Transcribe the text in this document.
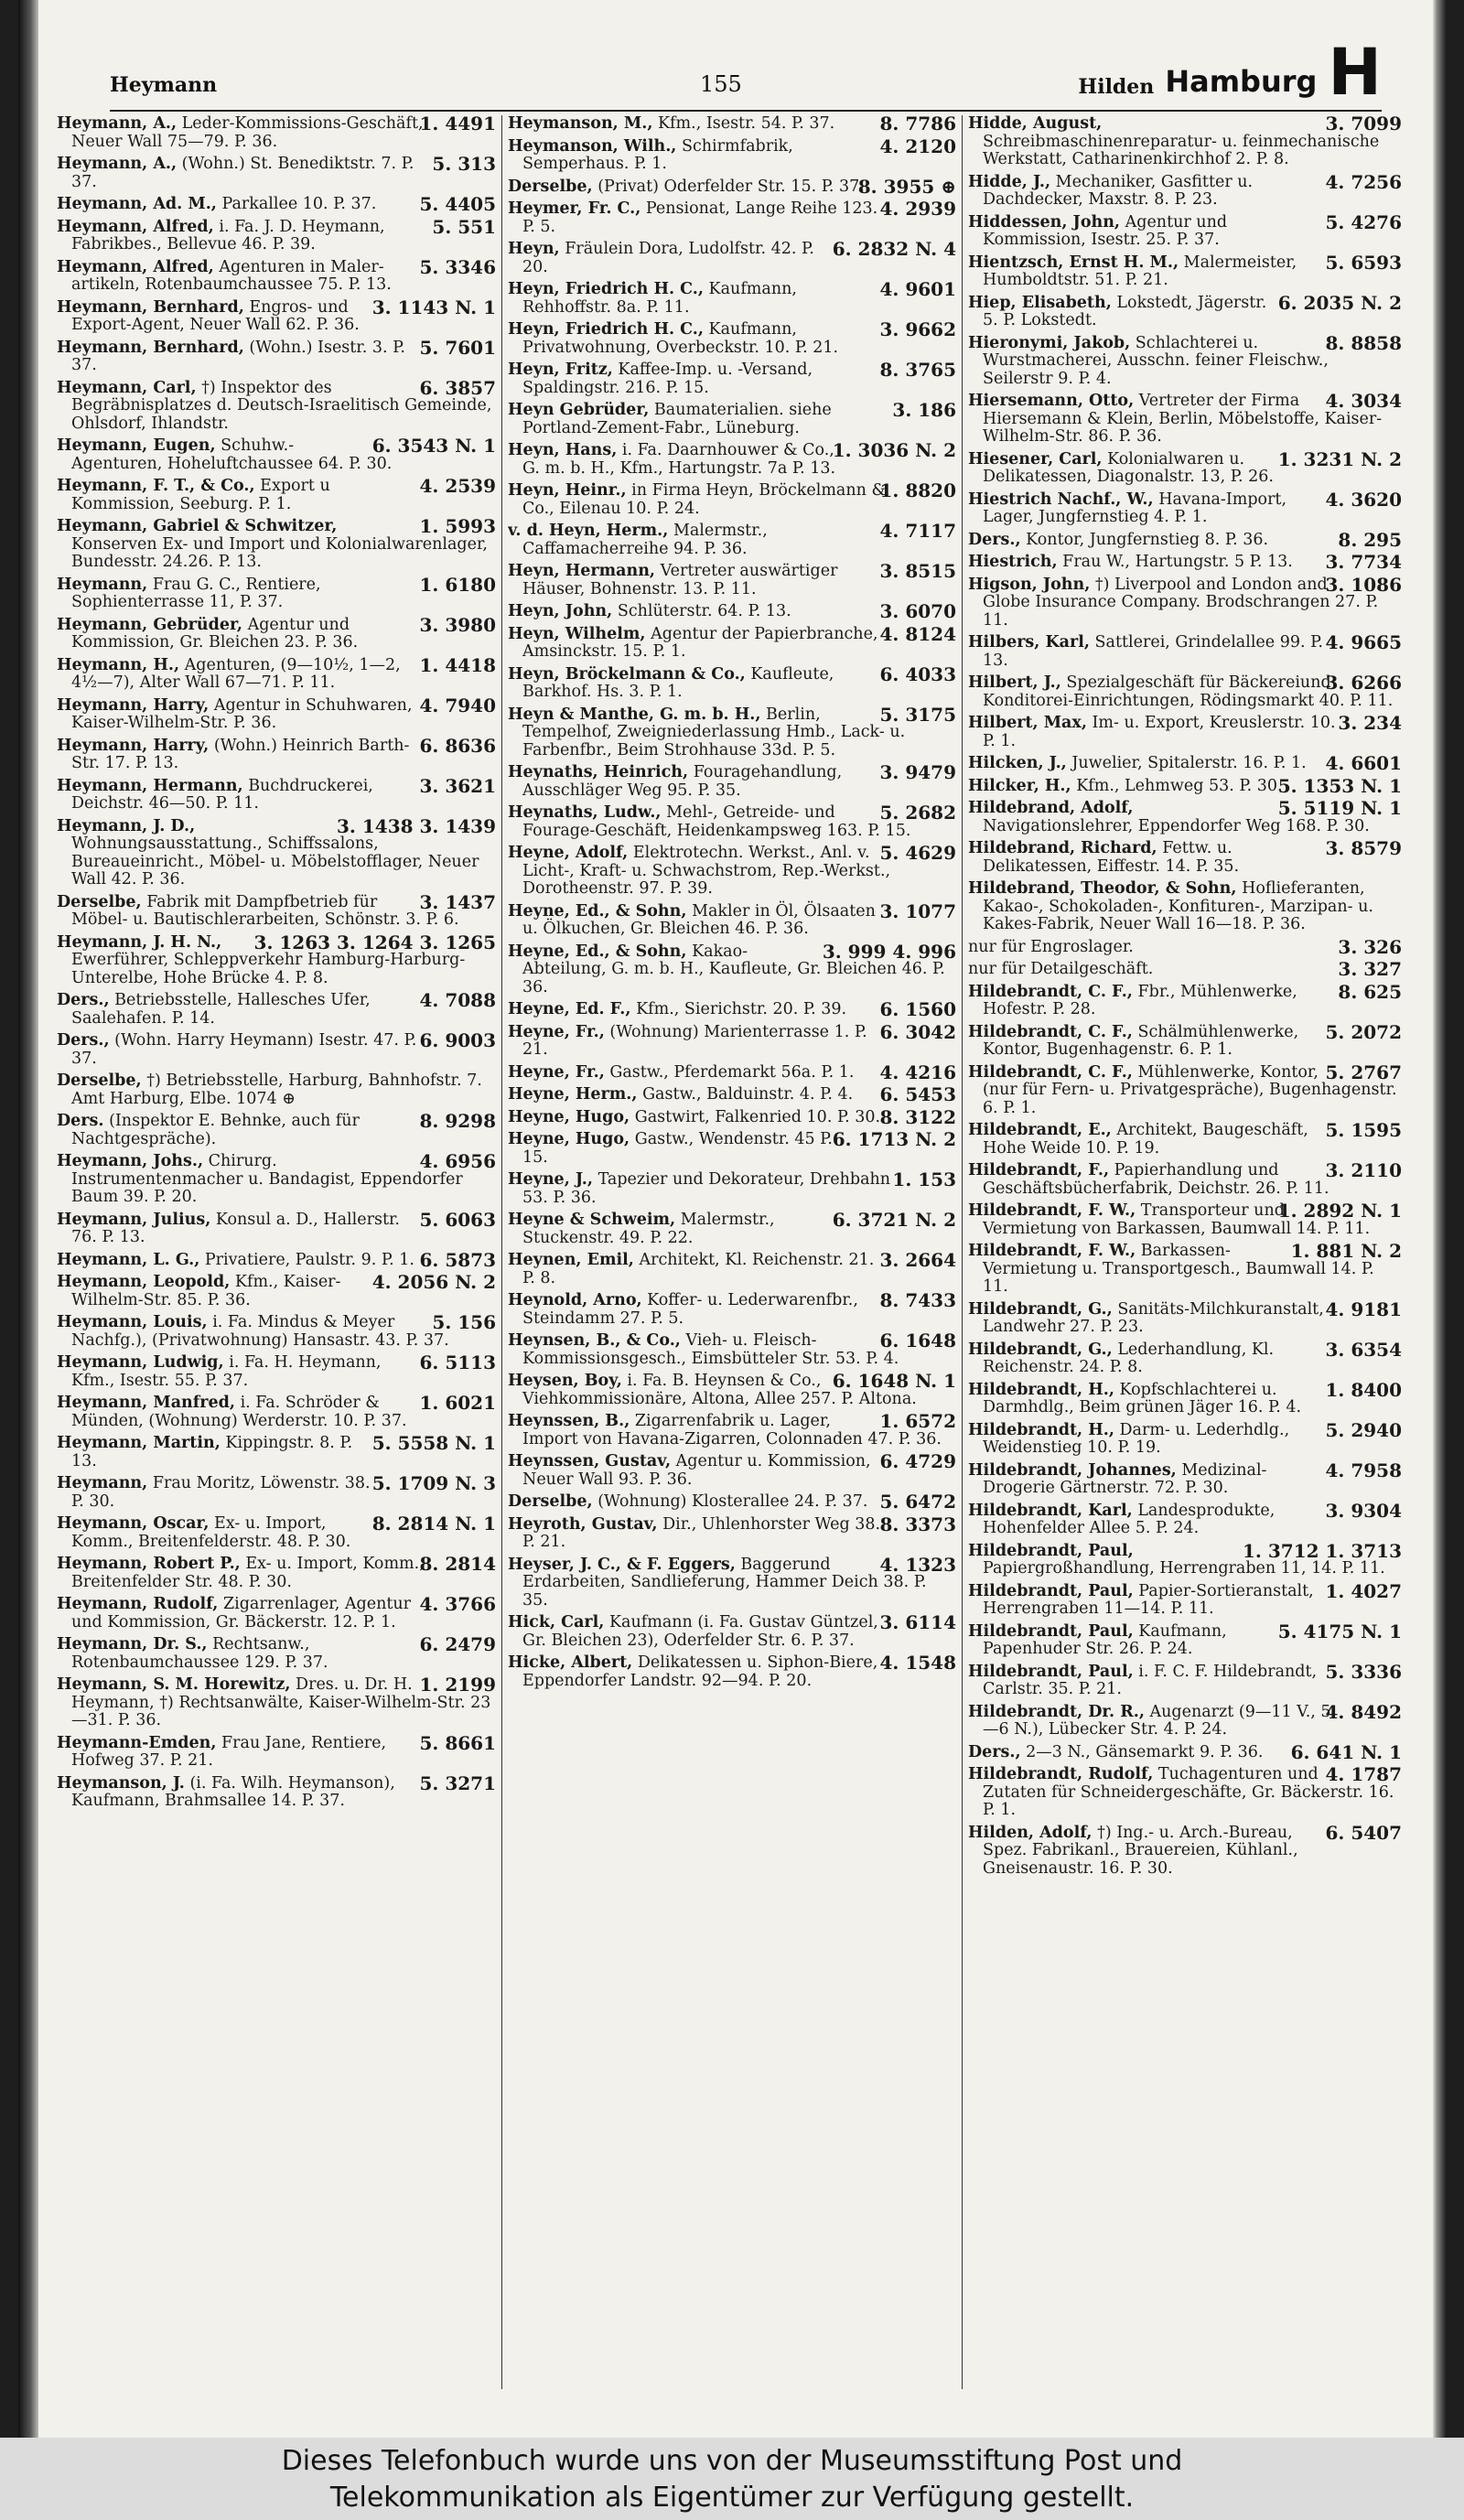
Heymann	155	Hilden Hamburg H
1. 4491
Heymann, A., Leder-Kommissions-Geschäft, Neuer Wall 75—79. P. 36.
5. 313
Heymann, A., (Wohn.) St. Benediktstr. 7. P. 37.
5. 4405
Heymann, Ad. M., Parkallee 10. P. 37.
5. 551
Heymann, Alfred, i. Fa. J. D. Heymann, Fabrikbes., Bellevue 46. P. 39.
5. 3346
Heymann, Alfred, Agenturen in Maler-artikeln, Rotenbaumchaussee 75. P. 13.
3. 1143 N. 1
Heymann, Bernhard, Engros- und Export-Agent, Neuer Wall 62. P. 36.
5. 7601
Heymann, Bernhard, (Wohn.) Isestr. 3. P. 37.
6. 3857
Heymann, Carl, †) Inspektor des Begräbnisplatzes d. Deutsch-Israelitisch Gemeinde, Ohlsdorf, Ihlandstr.
6. 3543 N. 1
Heymann, Eugen, Schuhw.-Agenturen, Hoheluftchaussee 64. P. 30.
4. 2539
Heymann, F. T., & Co., Export u Kommission, Seeburg. P. 1.
1. 5993
Heymann, Gabriel & Schwitzer, Konserven Ex- und Import und Kolonialwarenlager, Bundesstr. 24.26. P. 13.
1. 6180
Heymann, Frau G. C., Rentiere, Sophienterrasse 11, P. 37.
3. 3980
Heymann, Gebrüder, Agentur und Kommission, Gr. Bleichen 23. P. 36.
1. 4418
Heymann, H., Agenturen, (9—10½, 1—2, 4½—7), Alter Wall 67—71. P. 11.
4. 7940
Heymann, Harry, Agentur in Schuhwaren, Kaiser-Wilhelm-Str. P. 36.
6. 8636
Heymann, Harry, (Wohn.) Heinrich Barth-Str. 17. P. 13.
3. 3621
Heymann, Hermann, Buchdruckerei, Deichstr. 46—50. P. 11.
3. 1438 3. 1439
Heymann, J. D., Wohnungsausstattung., Schiffssalons, Bureaueinricht., Möbel- u. Möbelstofflager, Neuer Wall 42. P. 36.
3. 1437
Derselbe, Fabrik mit Dampfbetrieb für Möbel- u. Bautischlerarbeiten, Schönstr. 3. P. 6.
3. 1263 3. 1264 3. 1265
Heymann, J. H. N., Ewerführer, Schleppverkehr Hamburg-Harburg-Unterelbe, Hohe Brücke 4. P. 8.
4. 7088
Ders., Betriebsstelle, Hallesches Ufer, Saalehafen. P. 14.
6. 9003
Ders., (Wohn. Harry Heymann) Isestr. 47. P. 37.
Derselbe, †) Betriebsstelle, Harburg, Bahnhofstr. 7. Amt Harburg, Elbe. 1074 ⊕
8. 9298
Ders. (Inspektor E. Behnke, auch für Nachtgespräche).
4. 6956
Heymann, Johs., Chirurg. Instrumentenmacher u. Bandagist, Eppendorfer Baum 39. P. 20.
5. 6063
Heymann, Julius, Konsul a. D., Hallerstr. 76. P. 13.
6. 5873
Heymann, L. G., Privatiere, Paulstr. 9. P. 1.
4. 2056 N. 2
Heymann, Leopold, Kfm., Kaiser-Wilhelm-Str. 85. P. 36.
5. 156
Heymann, Louis, i. Fa. Mindus & Meyer Nachfg.), (Privatwohnung) Hansastr. 43. P. 37.
6. 5113
Heymann, Ludwig, i. Fa. H. Heymann, Kfm., Isestr. 55. P. 37.
1. 6021
Heymann, Manfred, i. Fa. Schröder & Münden, (Wohnung) Werderstr. 10. P. 37.
5. 5558 N. 1
Heymann, Martin, Kippingstr. 8. P. 13.
5. 1709 N. 3
Heymann, Frau Moritz, Löwenstr. 38. P. 30.
8. 2814 N. 1
Heymann, Oscar, Ex- u. Import, Komm., Breitenfelderstr. 48. P. 30.
8. 2814
Heymann, Robert P., Ex- u. Import, Komm., Breitenfelder Str. 48. P. 30.
4. 3766
Heymann, Rudolf, Zigarrenlager, Agentur und Kommission, Gr. Bäckerstr. 12. P. 1.
6. 2479
Heymann, Dr. S., Rechtsanw., Rotenbaumchaussee 129. P. 37.
1. 2199
Heymann, S. M. Horewitz, Dres. u. Dr. H. Heymann, †) Rechtsanwälte, Kaiser-Wilhelm-Str. 23—31. P. 36.
5. 8661
Heymann-Emden, Frau Jane, Rentiere, Hofweg 37. P. 21.
5. 3271
Heymanson, J. (i. Fa. Wilh. Heymanson), Kaufmann, Brahmsallee 14. P. 37.
8. 7786
Heymanson, M., Kfm., Isestr. 54. P. 37.
4. 2120
Heymanson, Wilh., Schirmfabrik, Semperhaus. P. 1.
8. 3955 ⊕
Derselbe, (Privat) Oderfelder Str. 15. P. 37.
4. 2939
Heymer, Fr. C., Pensionat, Lange Reihe 123. P. 5.
6. 2832 N. 4
Heyn, Fräulein Dora, Ludolfstr. 42. P. 20.
4. 9601
Heyn, Friedrich H. C., Kaufmann, Rehhoffstr. 8a. P. 11.
3. 9662
Heyn, Friedrich H. C., Kaufmann, Privatwohnung, Overbeckstr. 10. P. 21.
8. 3765
Heyn, Fritz, Kaffee-Imp. u. -Versand, Spaldingstr. 216. P. 15.
3. 186
Heyn Gebrüder, Baumaterialien. siehe Portland-Zement-Fabr., Lüneburg.
1. 3036 N. 2
Heyn, Hans, i. Fa. Daarnhouwer & Co., G. m. b. H., Kfm., Hartungstr. 7a P. 13.
1. 8820
Heyn, Heinr., in Firma Heyn, Bröckelmann & Co., Eilenau 10. P. 24.
4. 7117
v. d. Heyn, Herm., Malermstr., Caffamacherreihe 94. P. 36.
3. 8515
Heyn, Hermann, Vertreter auswärtiger Häuser, Bohnenstr. 13. P. 11.
3. 6070
Heyn, John, Schlüterstr. 64. P. 13.
4. 8124
Heyn, Wilhelm, Agentur der Papierbranche, Amsinckstr. 15. P. 1.
6. 4033
Heyn, Bröckelmann & Co., Kaufleute, Barkhof. Hs. 3. P. 1.
5. 3175
Heyn & Manthe, G. m. b. H., Berlin, Tempelhof, Zweigniederlassung Hmb., Lack- u. Farbenfbr., Beim Strohhause 33d. P. 5.
3. 9479
Heynaths, Heinrich, Fouragehandlung, Ausschläger Weg 95. P. 35.
5. 2682
Heynaths, Ludw., Mehl-, Getreide- und Fourage-Geschäft, Heidenkampsweg 163. P. 15.
5. 4629
Heyne, Adolf, Elektrotechn. Werkst., Anl. v. Licht-, Kraft- u. Schwachstrom, Rep.-Werkst., Dorotheenstr. 97. P. 39.
3. 1077
Heyne, Ed., & Sohn, Makler in Öl, Ölsaaten u. Ölkuchen, Gr. Bleichen 46. P. 36.
3. 999 4. 996
Heyne, Ed., & Sohn, Kakao-Abteilung, G. m. b. H., Kaufleute, Gr. Bleichen 46. P. 36.
6. 1560
Heyne, Ed. F., Kfm., Sierichstr. 20. P. 39.
6. 3042
Heyne, Fr., (Wohnung) Marienterrasse 1. P. 21.
4. 4216
Heyne, Fr., Gastw., Pferdemarkt 56a. P. 1.
6. 5453
Heyne, Herm., Gastw., Balduinstr. 4. P. 4.
8. 3122
Heyne, Hugo, Gastwirt, Falkenried 10. P. 30.
6. 1713 N. 2
Heyne, Hugo, Gastw., Wendenstr. 45 P. 15.
1. 153
Heyne, J., Tapezier und Dekorateur, Drehbahn 53. P. 36.
6. 3721 N. 2
Heyne & Schweim, Malermstr., Stuckenstr. 49. P. 22.
3. 2664
Heynen, Emil, Architekt, Kl. Reichenstr. 21. P. 8.
8. 7433
Heynold, Arno, Koffer- u. Lederwarenfbr., Steindamm 27. P. 5.
6. 1648
Heynsen, B., & Co., Vieh- u. Fleisch-Kommissionsgesch., Eimsbütteler Str. 53. P. 4.
6. 1648 N. 1
Heysen, Boy, i. Fa. B. Heynsen & Co., Viehkommissionäre, Altona, Allee 257. P. Altona.
1. 6572
Heynssen, B., Zigarrenfabrik u. Lager, Import von Havana-Zigarren, Colonnaden 47. P. 36.
6. 4729
Heynssen, Gustav, Agentur u. Kommission, Neuer Wall 93. P. 36.
5. 6472
Derselbe, (Wohnung) Klosterallee 24. P. 37.
8. 3373
Heyroth, Gustav, Dir., Uhlenhorster Weg 38. P. 21.
4. 1323
Heyser, J. C., & F. Eggers, Baggerund Erdarbeiten, Sandlieferung, Hammer Deich 38. P. 35.
3. 6114
Hick, Carl, Kaufmann (i. Fa. Gustav Güntzel, Gr. Bleichen 23), Oderfelder Str. 6. P. 37.
4. 1548
Hicke, Albert, Delikatessen u. Siphon-Biere, Eppendorfer Landstr. 92—94. P. 20.
3. 7099
Hidde, August, Schreibmaschinenreparatur- u. feinmechanische Werkstatt, Catharinenkirchhof 2. P. 8.
4. 7256
Hidde, J., Mechaniker, Gasfitter u. Dachdecker, Maxstr. 8. P. 23.
5. 4276
Hiddessen, John, Agentur und Kommission, Isestr. 25. P. 37.
5. 6593
Hientzsch, Ernst H. M., Malermeister, Humboldtstr. 51. P. 21.
6. 2035 N. 2
Hiep, Elisabeth, Lokstedt, Jägerstr. 5. P. Lokstedt.
8. 8858
Hieronymi, Jakob, Schlachterei u. Wurstmacherei, Ausschn. feiner Fleischw., Seilerstr 9. P. 4.
4. 3034
Hiersemann, Otto, Vertreter der Firma Hiersemann & Klein, Berlin, Möbelstoffe, Kaiser-Wilhelm-Str. 86. P. 36.
1. 3231 N. 2
Hiesener, Carl, Kolonialwaren u. Delikatessen, Diagonalstr. 13, P. 26.
4. 3620
Hiestrich Nachf., W., Havana-Import, Lager, Jungfernstieg 4. P. 1.
8. 295
Ders., Kontor, Jungfernstieg 8. P. 36.
3. 7734
Hiestrich, Frau W., Hartungstr. 5 P. 13.
3. 1086
Higson, John, †) Liverpool and London and Globe Insurance Company. Brodschrangen 27. P. 11.
4. 9665
Hilbers, Karl, Sattlerei, Grindelallee 99. P. 13.
3. 6266
Hilbert, J., Spezialgeschäft für Bäckereiund Konditorei-Einrichtungen, Rödingsmarkt 40. P. 11.
3. 234
Hilbert, Max, Im- u. Export, Kreuslerstr. 10. P. 1.
4. 6601
Hilcken, J., Juwelier, Spitalerstr. 16. P. 1.
5. 1353 N. 1
Hilcker, H., Kfm., Lehmweg 53. P. 30.
5. 5119 N. 1
Hildebrand, Adolf, Navigationslehrer, Eppendorfer Weg 168. P. 30.
3. 8579
Hildebrand, Richard, Fettw. u. Delikatessen, Eiffestr. 14. P. 35.
Hildebrand, Theodor, & Sohn, Hoflieferanten, Kakao-, Schokoladen-, Konfituren-, Marzipan- u. Kakes-Fabrik, Neuer Wall 16—18. P. 36.
3. 326
nur für Engroslager.
3. 327
nur für Detailgeschäft.
8. 625
Hildebrandt, C. F., Fbr., Mühlenwerke, Hofestr. P. 28.
5. 2072
Hildebrandt, C. F., Schälmühlenwerke, Kontor, Bugenhagenstr. 6. P. 1.
5. 2767
Hildebrandt, C. F., Mühlenwerke, Kontor, (nur für Fern- u. Privatgespräche), Bugenhagenstr. 6. P. 1.
5. 1595
Hildebrandt, E., Architekt, Baugeschäft, Hohe Weide 10. P. 19.
3. 2110
Hildebrandt, F., Papierhandlung und Geschäftsbücherfabrik, Deichstr. 26. P. 11.
1. 2892 N. 1
Hildebrandt, F. W., Transporteur und Vermietung von Barkassen, Baumwall 14. P. 11.
1. 881 N. 2
Hildebrandt, F. W., Barkassen-Vermietung u. Transportgesch., Baumwall 14. P. 11.
4. 9181
Hildebrandt, G., Sanitäts-Milchkuranstalt, Landwehr 27. P. 23.
3. 6354
Hildebrandt, G., Lederhandlung, Kl. Reichenstr. 24. P. 8.
1. 8400
Hildebrandt, H., Kopfschlachterei u. Darmhdlg., Beim grünen Jäger 16. P. 4.
5. 2940
Hildebrandt, H., Darm- u. Lederhdlg., Weidenstieg 10. P. 19.
4. 7958
Hildebrandt, Johannes, Medizinal-Drogerie Gärtnerstr. 72. P. 30.
3. 9304
Hildebrandt, Karl, Landesprodukte, Hohenfelder Allee 5. P. 24.
1. 3712 1. 3713
Hildebrandt, Paul, Papiergroßhandlung, Herrengraben 11, 14. P. 11.
1. 4027
Hildebrandt, Paul, Papier-Sortieranstalt, Herrengraben 11—14. P. 11.
5. 4175 N. 1
Hildebrandt, Paul, Kaufmann, Papenhuder Str. 26. P. 24.
5. 3336
Hildebrandt, Paul, i. F. C. F. Hildebrandt, Carlstr. 35. P. 21.
4. 8492
Hildebrandt, Dr. R., Augenarzt (9—11 V., 5—6 N.), Lübecker Str. 4. P. 24.
6. 641 N. 1
Ders., 2—3 N., Gänsemarkt 9. P. 36.
4. 1787
Hildebrandt, Rudolf, Tuchagenturen und Zutaten für Schneidergeschäfte, Gr. Bäckerstr. 16. P. 1.
6. 5407
Hilden, Adolf, †) Ing.- u. Arch.-Bureau, Spez. Fabrikanl., Brauereien, Kühlanl., Gneisenaustr. 16. P. 30.
Dieses Telefonbuch wurde uns von der Museumsstiftung Post und
Telekommunikation als Eigentümer zur Verfügung gestellt.
